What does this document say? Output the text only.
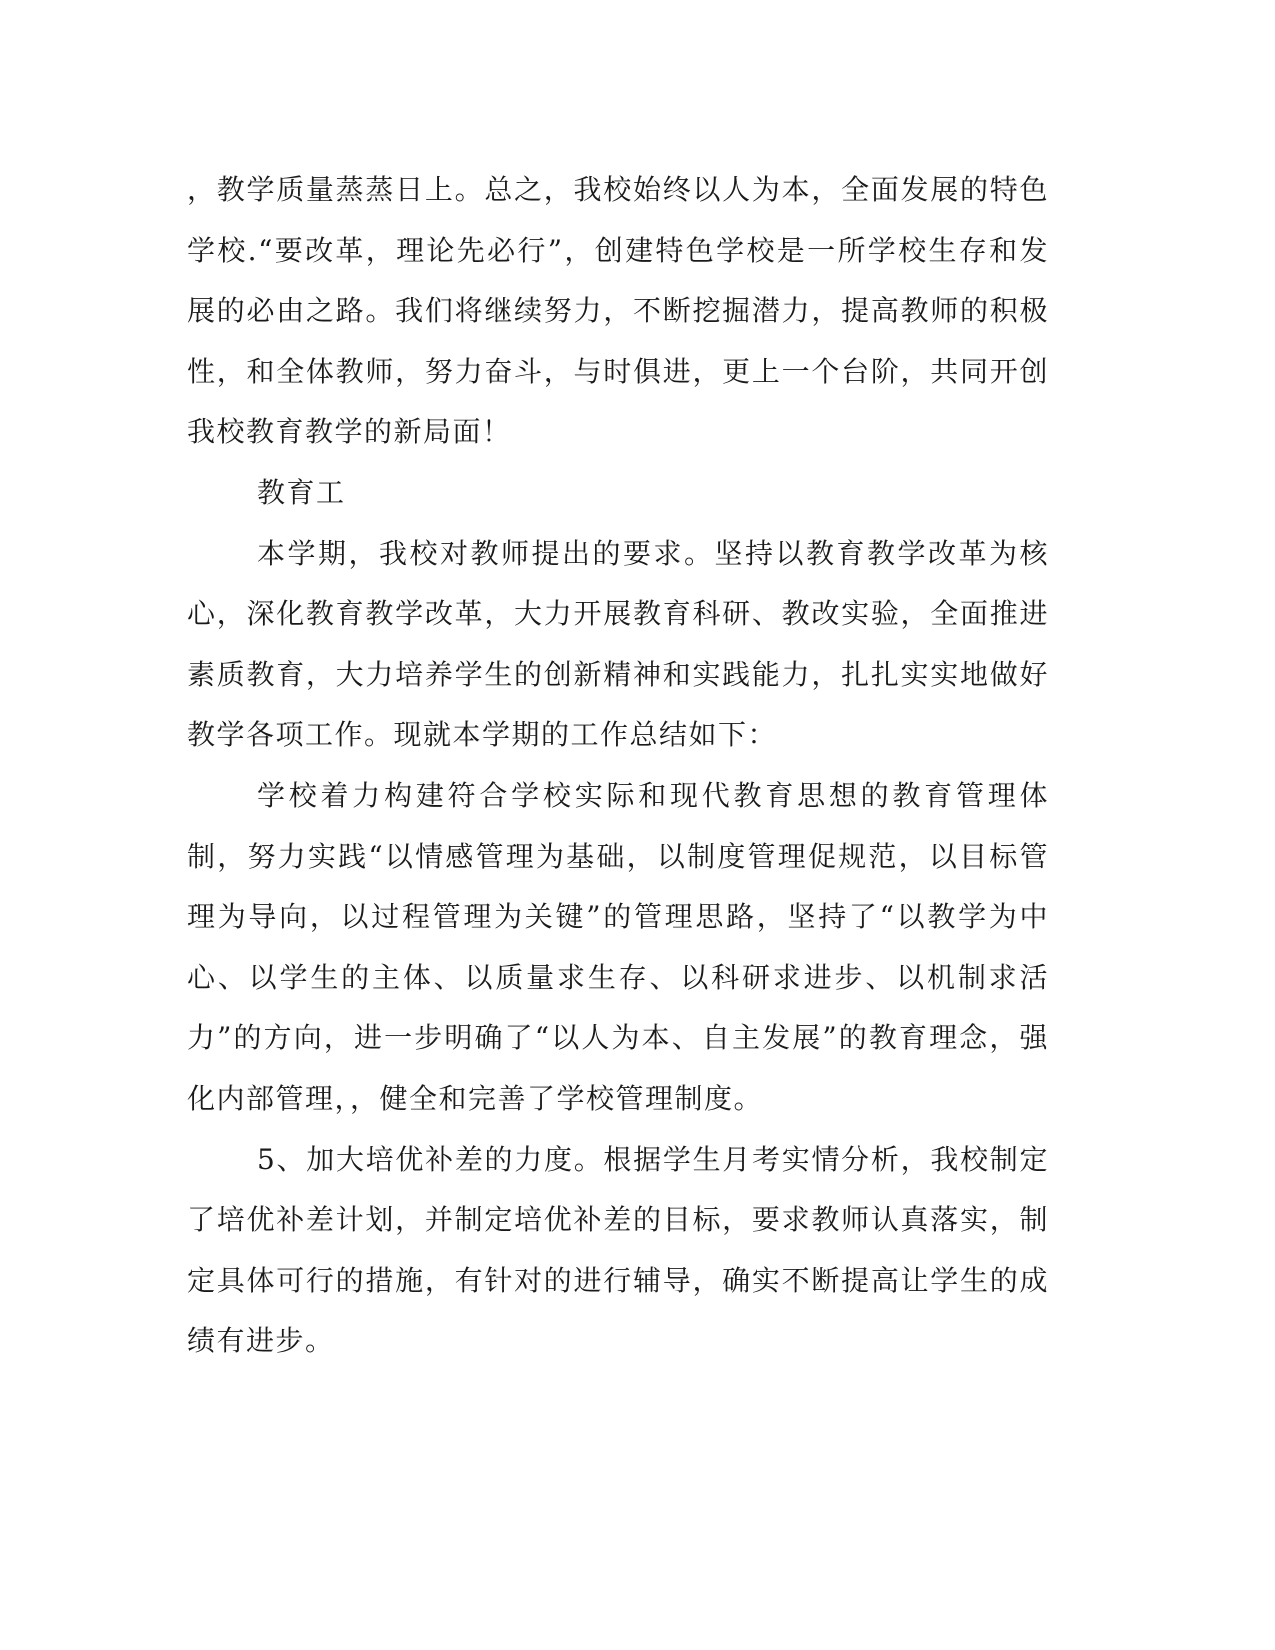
，教学质量蒸蒸日上。总之，我校始终以人为本，全面发展的特色学校.“要改革，理论先必行”，创建特色学校是一所学校生存和发展的必由之路。我们将继续努力，不断挖掘潜力，提高教师的积极性，和全体教师，努力奋斗，与时俱进，更上一个台阶，共同开创我校教育教学的新局面！

教育工

本学期，我校对教师提出的要求。坚持以教育教学改革为核心，深化教育教学改革，大力开展教育科研、教改实验，全面推进素质教育，大力培养学生的创新精神和实践能力，扎扎实实地做好教学各项工作。现就本学期的工作总结如下：

学校着力构建符合学校实际和现代教育思想的教育管理体制，努力实践“以情感管理为基础，以制度管理促规范，以目标管理为导向，以过程管理为关键”的管理思路，坚持了“以教学为中心、以学生的主体、以质量求生存、以科研求进步、以机制求活力”的方向，进一步明确了“以人为本、自主发展”的教育理念，强化内部管理，，健全和完善了学校管理制度。

5、加大培优补差的力度。根据学生月考实情分析，我校制定了培优补差计划，并制定培优补差的目标，要求教师认真落实，制定具体可行的措施，有针对的进行辅导，确实不断提高让学生的成绩有进步。
